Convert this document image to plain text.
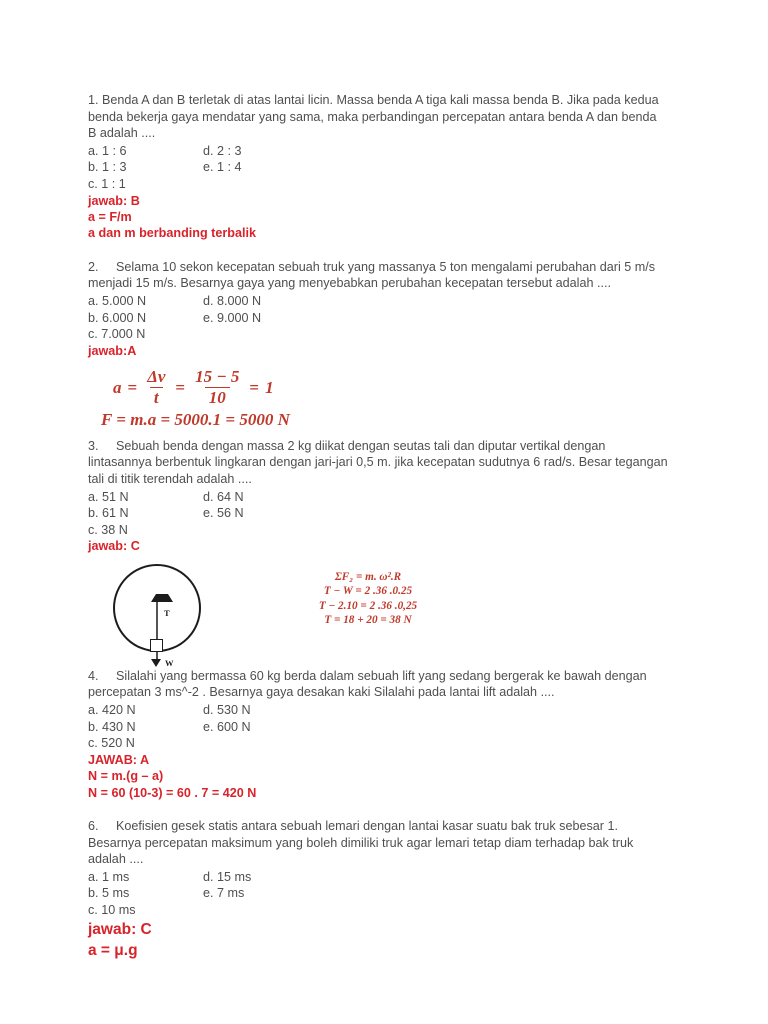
1. Benda A dan B terletak di atas lantai licin. Massa benda A tiga kali massa benda B. Jika pada kedua benda bekerja gaya mendatar yang sama, maka perbandingan percepatan antara benda A dan benda B adalah ....
a. 1 : 6	d. 2 : 3
b. 1 : 3	e. 1 : 4
c. 1 : 1
jawab: B
a = F/m
a dan m berbanding terbalik
2.	Selama 10 sekon kecepatan sebuah truk yang massanya 5 ton mengalami perubahan dari 5 m/s menjadi 15 m/s. Besarnya gaya yang menyebabkan perubahan kecepatan tersebut adalah ....
a. 5.000 N	d. 8.000 N
b. 6.000 N	e. 9.000 N
c. 7.000 N
jawab:A
$a = \frac{\Delta v}{t} = \frac{15 - 5}{10} = 1$
F = m.a = 5000.1 = 5000 N
3.	Sebuah benda dengan massa 2 kg diikat dengan seutas tali dan diputar vertikal dengan lintasannya berbentuk lingkaran dengan jari-jari 0,5 m. jika kecepatan sudutnya 6 rad/s. Besar tegangan tali di titik terendah adalah ....
a. 51 N	d. 64 N
b. 61 N	e. 56 N
c. 38 N
jawab: C
T
W
ΣF₂ = m. ω².R
T − W = 2 .36 .0.25
T − 2.10 = 2 .36 .0,25
T = 18 + 20 = 38 N
4.	Silalahi yang bermassa 60 kg berda dalam sebuah lift yang sedang bergerak ke bawah dengan percepatan 3 ms^-2 . Besarnya gaya desakan kaki Silalahi pada lantai lift adalah ....
a. 420 N	d. 530 N
b. 430 N	e. 600 N
c. 520 N
JAWAB: A
N = m.(g – a)
N = 60 (10-3) = 60 . 7 = 420 N
6.	Koefisien gesek statis antara sebuah lemari dengan lantai kasar suatu bak truk sebesar 1. Besarnya percepatan maksimum yang boleh dimiliki truk agar lemari tetap diam terhadap bak truk adalah ....
a. 1 ms	d. 15 ms
b. 5 ms	e. 7 ms
c. 10 ms
jawab: C
a = μ.g
